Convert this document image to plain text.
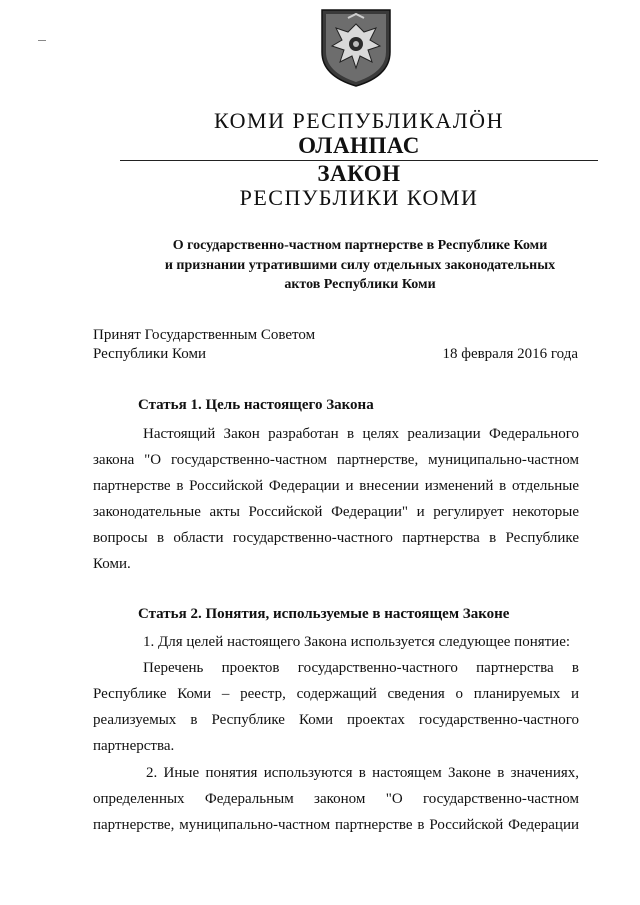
КОМИ РЕСПУБЛИКАЛÖН
ОЛАНПАС
ЗАКОН
РЕСПУБЛИКИ КОМИ
О государственно-частном партнерстве в Республике Коми
и признании утратившими силу отдельных законодательных
актов Республики Коми
Принят Государственным Советом
Республики Коми	18 февраля 2016 года
Статья 1. Цель настоящего Закона

Настоящий Закон разработан в целях реализации Федерального закона "О государственно-частном партнерстве, муниципально-частном партнерстве в Российской Федерации и внесении изменений в отдельные законодательные акты Российской Федерации" и регулирует некоторые вопросы в области государственно-частного партнерства в Республике Коми.

Статья 2. Понятия, используемые в настоящем Законе

1. Для целей настоящего Закона используется следующее понятие:

Перечень проектов государственно-частного партнерства в Республике Коми – реестр, содержащий сведения о планируемых и реализуемых в Республике Коми проектах государственно-частного партнерства.

2. Иные понятия используются в настоящем Законе в значениях, определенных Федеральным законом "О государственно-частном партнерстве, муниципально-частном партнерстве в Российской Федерации
